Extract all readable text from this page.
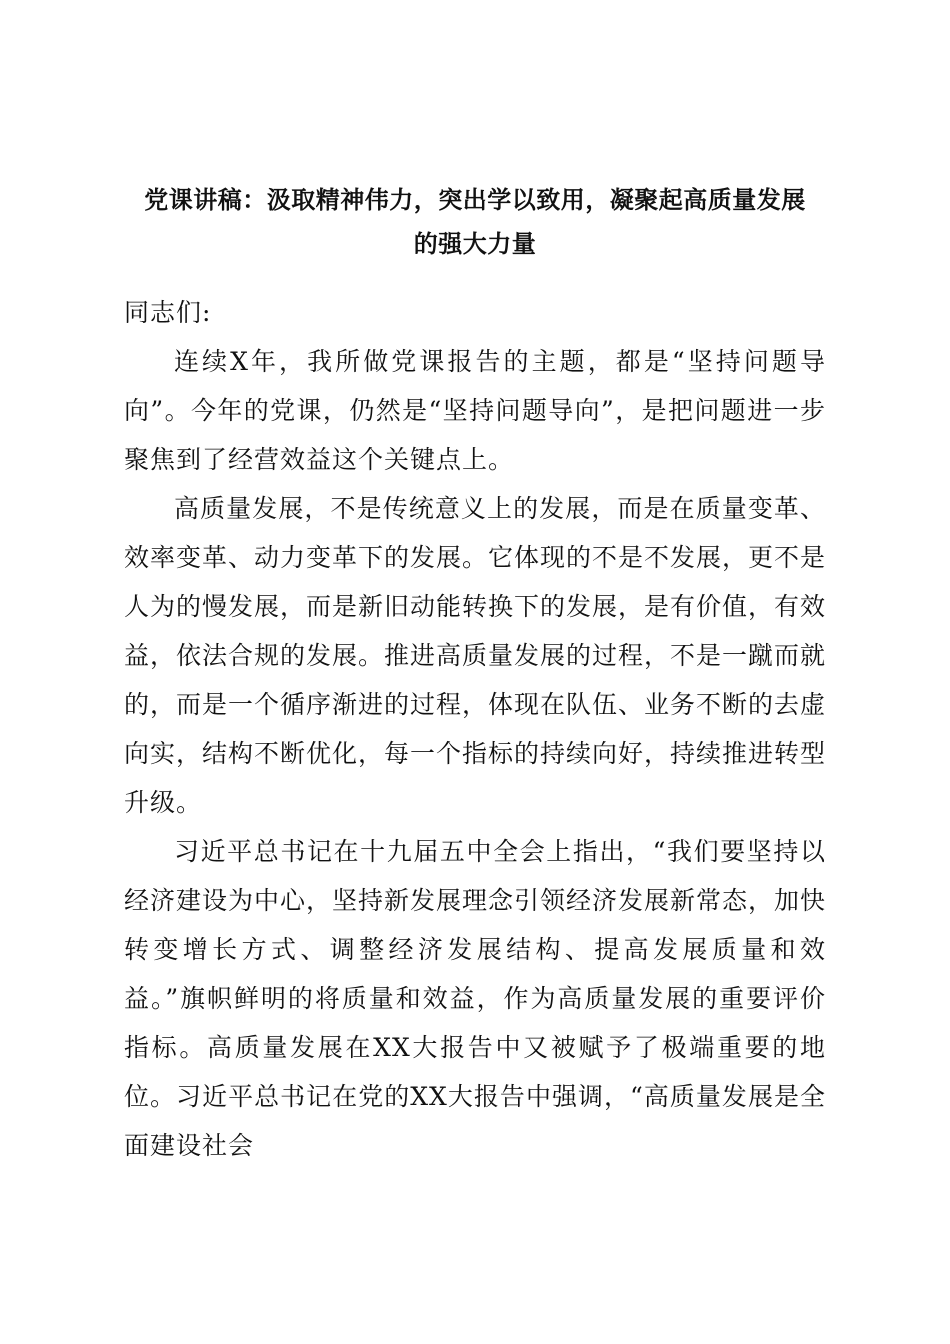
党课讲稿：汲取精神伟力，突出学以致用，凝聚起高质量发展
的强大力量

同志们:

连续X年，我所做党课报告的主题，都是“坚持问题导向”。今年的党课，仍然是“坚持问题导向”，是把问题进一步聚焦到了经营效益这个关键点上。

高质量发展，不是传统意义上的发展，而是在质量变革、效率变革、动力变革下的发展。它体现的不是不发展，更不是人为的慢发展，而是新旧动能转换下的发展，是有价值，有效益，依法合规的发展。推进高质量发展的过程，不是一蹴而就的，而是一个循序渐进的过程，体现在队伍、业务不断的去虚向实，结构不断优化，每一个指标的持续向好，持续推进转型升级。

习近平总书记在十九届五中全会上指出，“我们要坚持以经济建设为中心，坚持新发展理念引领经济发展新常态，加快转变增长方式、调整经济发展结构、提高发展质量和效益。”旗帜鲜明的将质量和效益，作为高质量发展的重要评价指标。高质量发展在XX大报告中又被赋予了极端重要的地位。习近平总书记在党的XX大报告中强调，“高质量发展是全面建设社会
